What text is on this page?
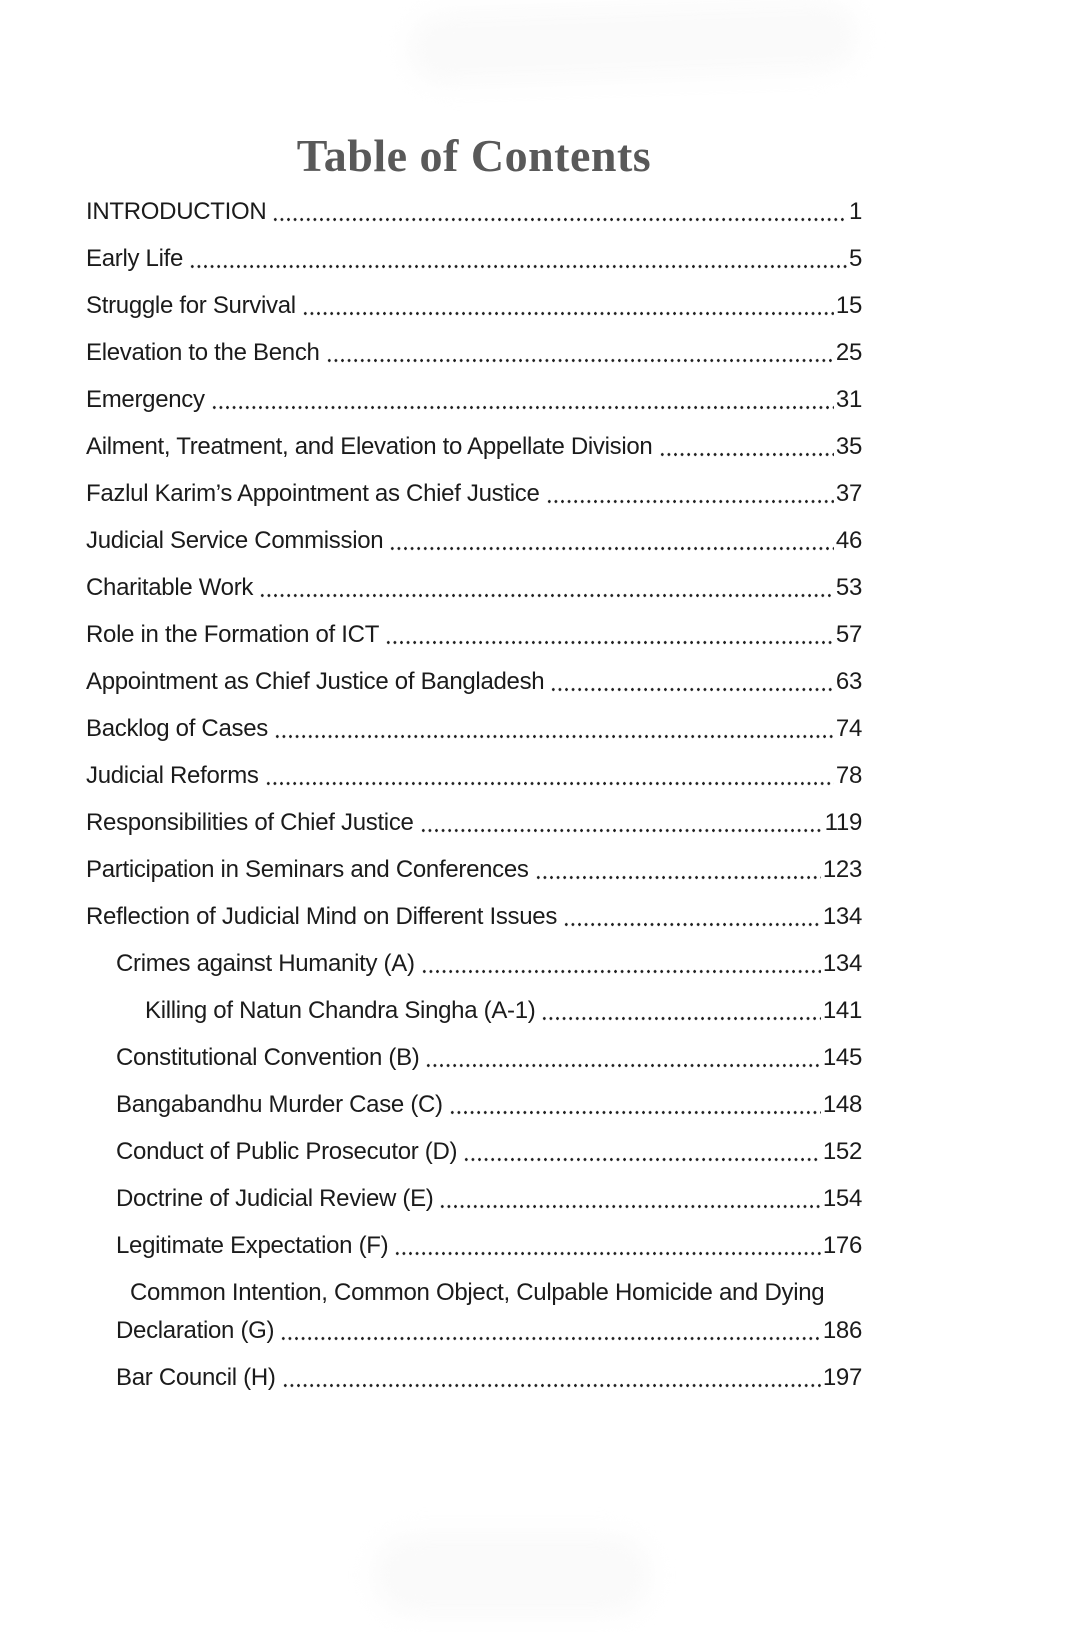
Table of Contents
INTRODUCTION	1
Early Life	5
Struggle for Survival	15
Elevation to the Bench	25
Emergency	31
Ailment, Treatment, and Elevation to Appellate Division	35
Fazlul Karim’s Appointment as Chief Justice	37
Judicial Service Commission	46
Charitable Work	53
Role in the Formation of ICT	57
Appointment as Chief Justice of Bangladesh	63
Backlog of Cases	74
Judicial Reforms	78
Responsibilities of Chief Justice	119
Participation in Seminars and Conferences	123
Reflection of Judicial Mind on Different Issues	134
Crimes against Humanity (A)	134
Killing of Natun Chandra Singha (A-1)	141
Constitutional Convention (B)	145
Bangabandhu Murder Case (C)	148
Conduct of Public Prosecutor (D)	152
Doctrine of Judicial Review (E)	154
Legitimate Expectation (F)	176
Common Intention, Common Object, Culpable Homicide and Dying
Declaration (G)	186
Bar Council (H)	197
